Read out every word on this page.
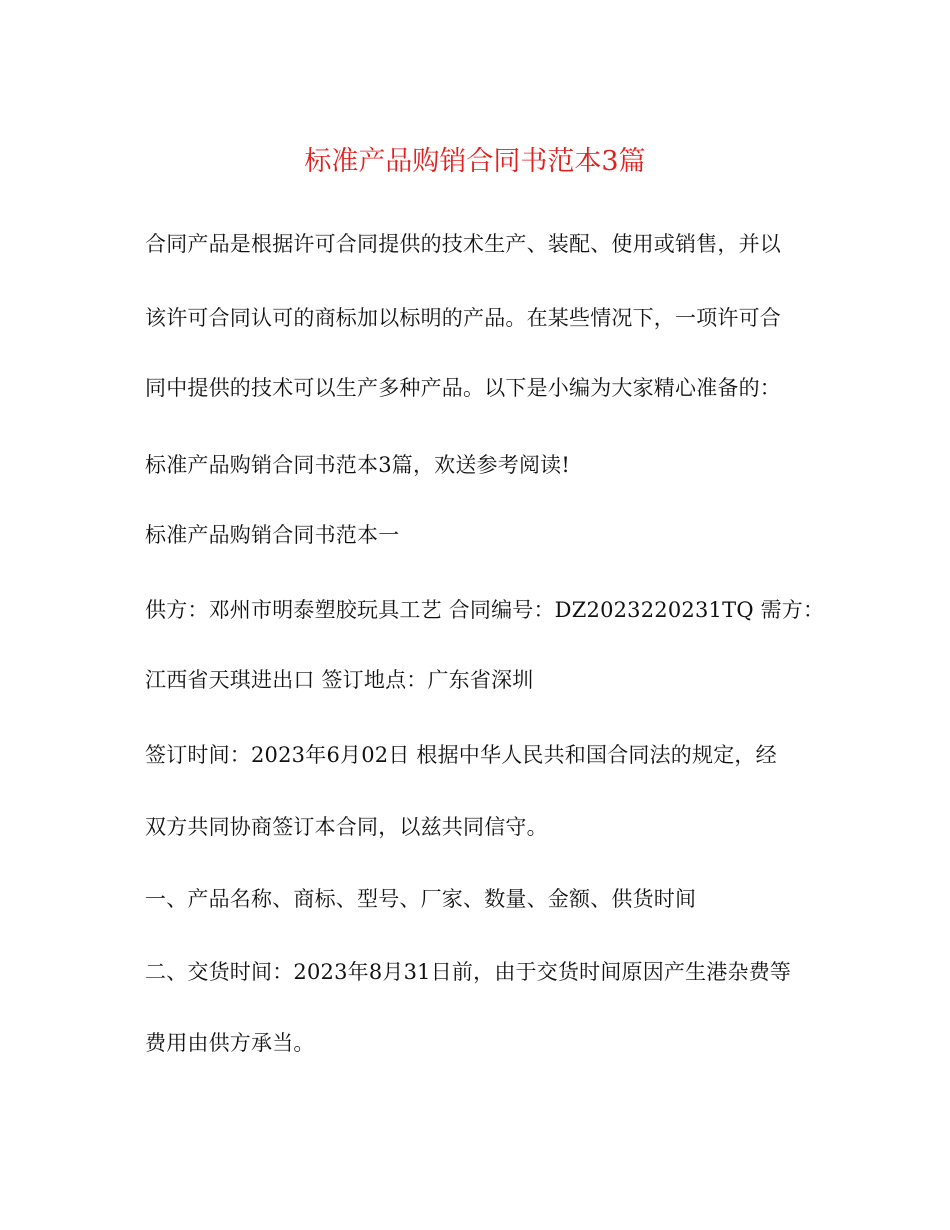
标准产品购销合同书范本3篇
合同产品是根据许可合同提供的技术生产、装配、使用或销售，并以
该许可合同认可的商标加以标明的产品。在某些情况下，一项许可合
同中提供的技术可以生产多种产品。以下是小编为大家精心准备的：
标准产品购销合同书范本3篇，欢送参考阅读!
标准产品购销合同书范本一
供方：邓州市明泰塑胶玩具工艺 合同编号：DZ2023220231TQ 需方：
江西省天琪进出口 签订地点：广东省深圳
签订时间：2023年6月02日 根据中华人民共和国合同法的规定，经
双方共同协商签订本合同，以兹共同信守。
一、产品名称、商标、型号、厂家、数量、金额、供货时间
二、交货时间：2023年8月31日前，由于交货时间原因产生港杂费等
费用由供方承当。
